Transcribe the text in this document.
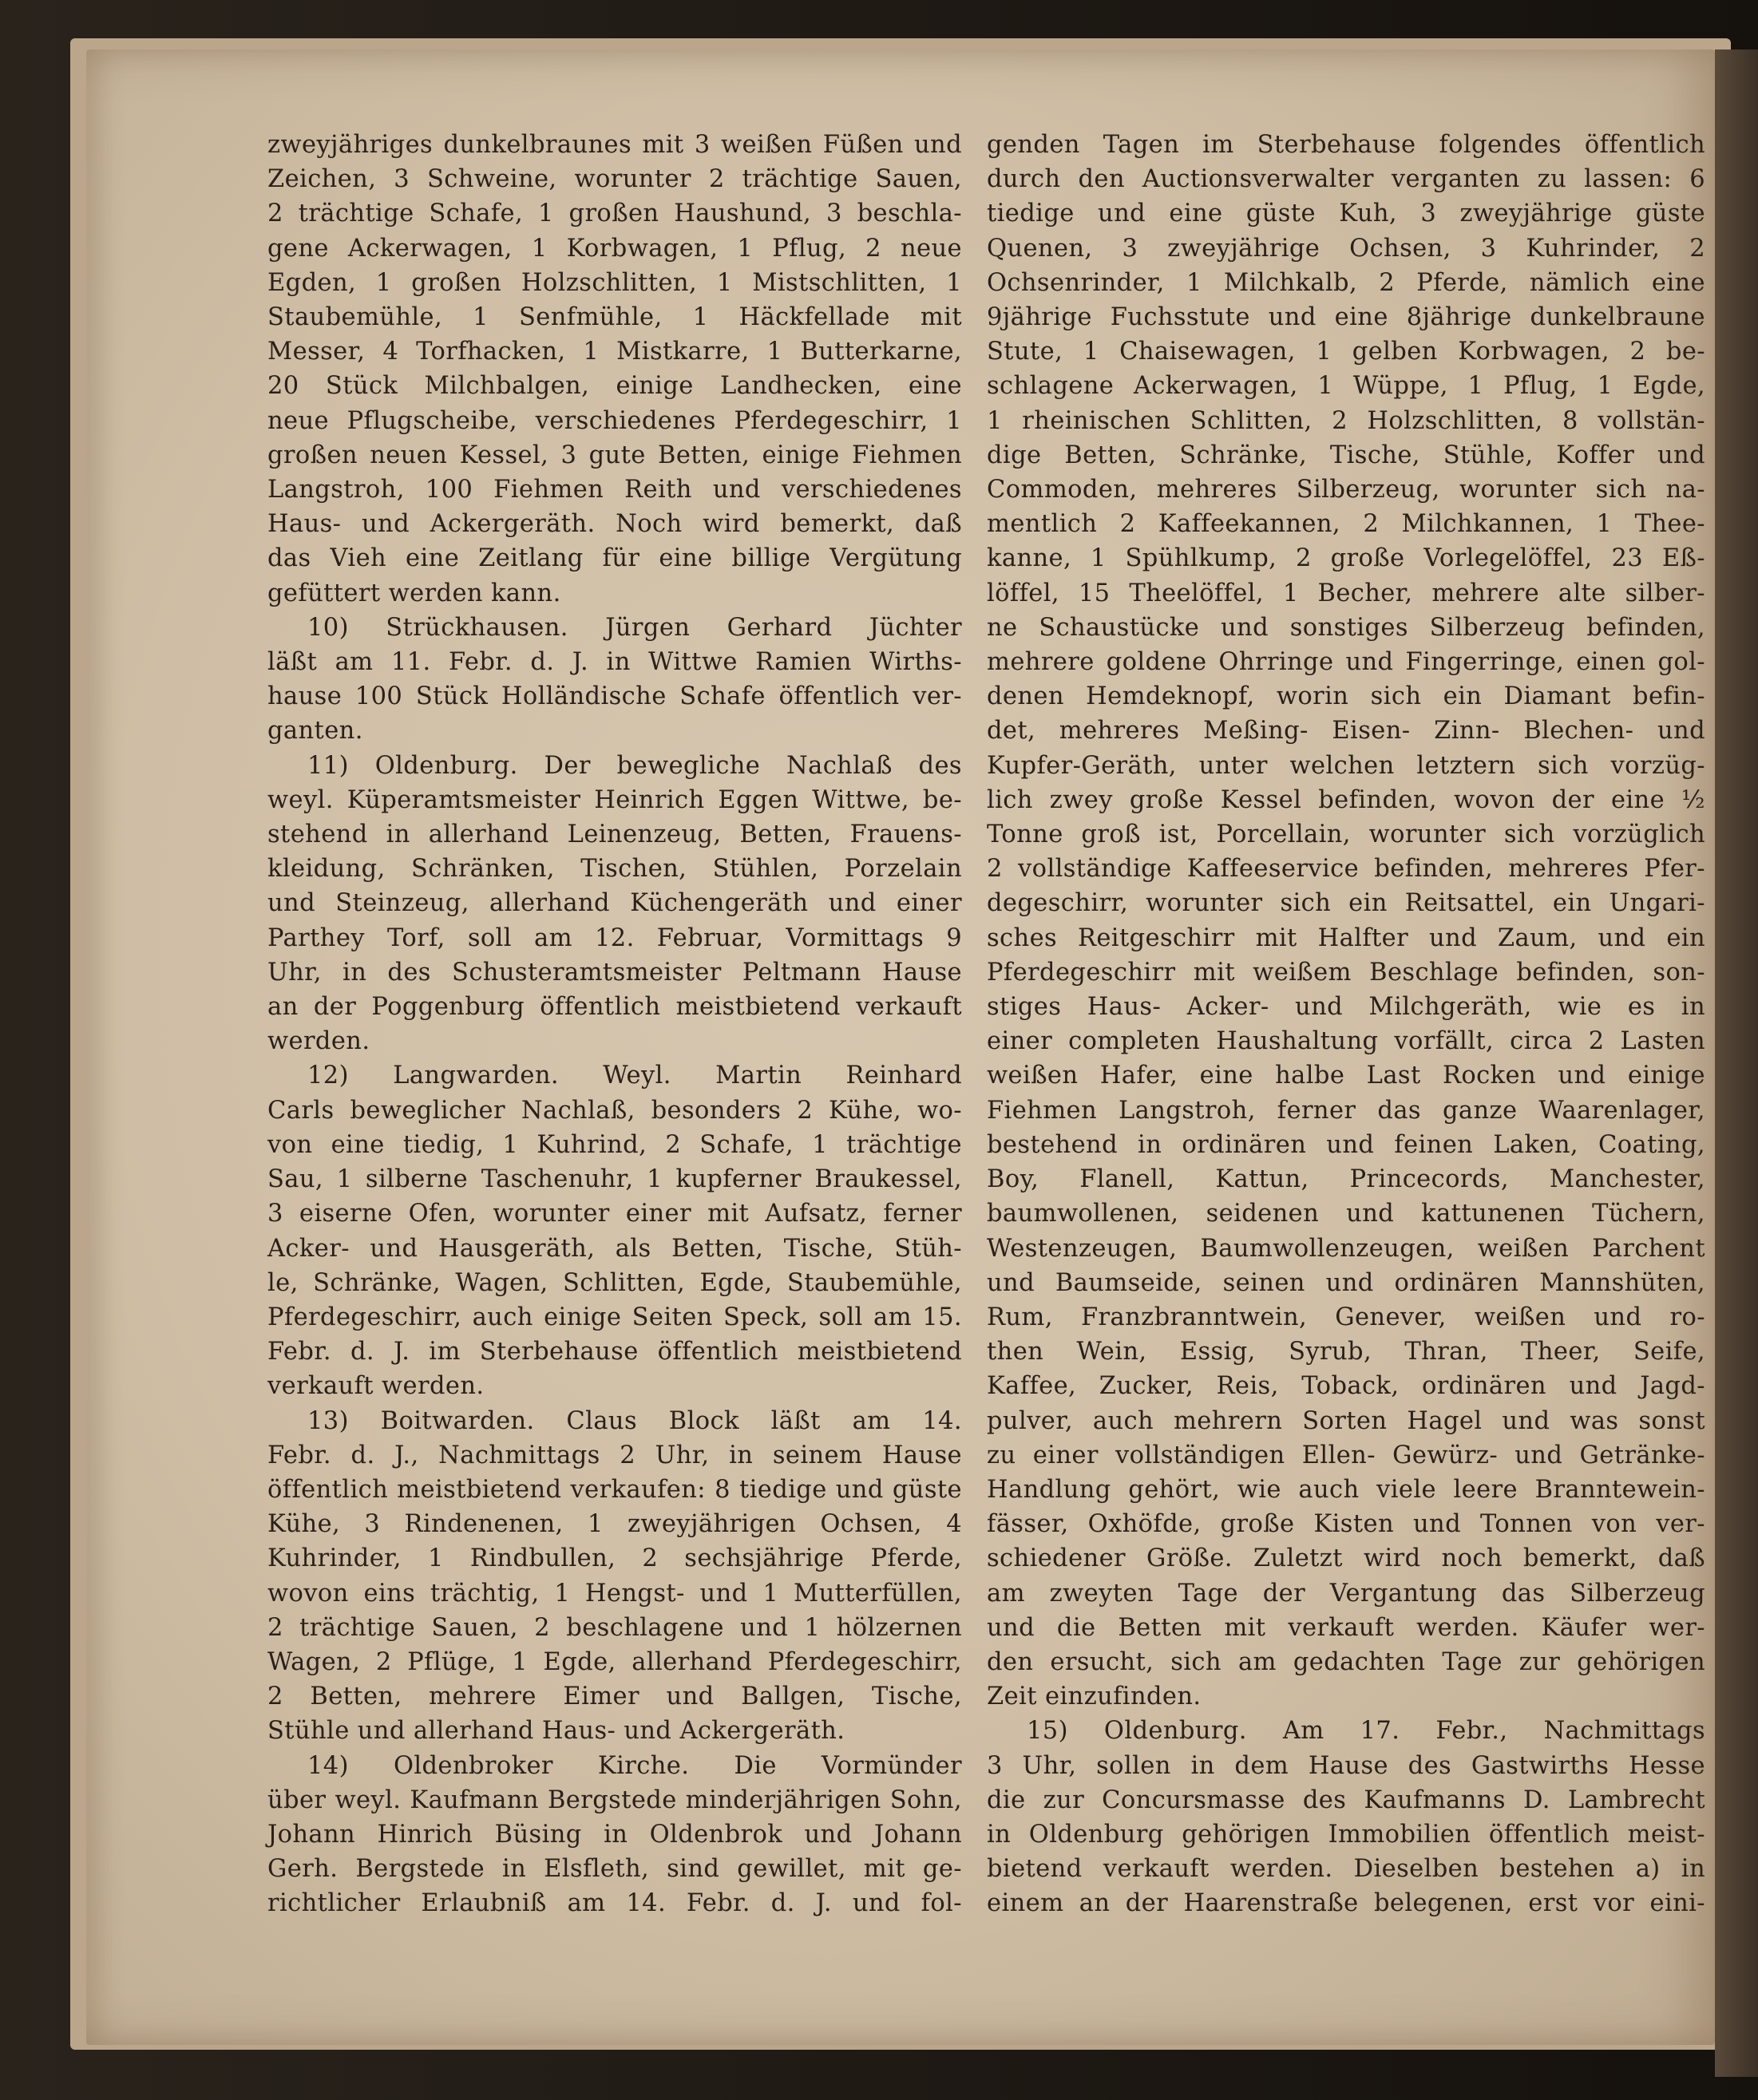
zweyjähriges dunkelbraunes mit 3 weißen Füßen und
Zeichen, 3 Schweine, worunter 2 trächtige Sauen,
2 trächtige Schafe, 1 großen Haushund, 3 beschla-
gene Ackerwagen, 1 Korbwagen, 1 Pflug, 2 neue
Egden, 1 großen Holzschlitten, 1 Mistschlitten, 1
Staubemühle, 1 Senfmühle, 1 Häckfellade mit
Messer, 4 Torfhacken, 1 Mistkarre, 1 Butterkarne,
20 Stück Milchbalgen, einige Landhecken, eine
neue Pflugscheibe, verschiedenes Pferdegeschirr, 1
großen neuen Kessel, 3 gute Betten, einige Fiehmen
Langstroh, 100 Fiehmen Reith und verschiedenes
Haus- und Ackergeräth. Noch wird bemerkt, daß
das Vieh eine Zeitlang für eine billige Vergütung
gefüttert werden kann.
10) Strückhausen. Jürgen Gerhard Jüchter
läßt am 11. Febr. d. J. in Wittwe Ramien Wirths-
hause 100 Stück Holländische Schafe öffentlich ver-
ganten.
11) Oldenburg. Der bewegliche Nachlaß des
weyl. Küperamtsmeister Heinrich Eggen Wittwe, be-
stehend in allerhand Leinenzeug, Betten, Frauens-
kleidung, Schränken, Tischen, Stühlen, Porzelain
und Steinzeug, allerhand Küchengeräth und einer
Parthey Torf, soll am 12. Februar, Vormittags 9
Uhr, in des Schusteramtsmeister Peltmann Hause
an der Poggenburg öffentlich meistbietend verkauft
werden.
12) Langwarden. Weyl. Martin Reinhard
Carls beweglicher Nachlaß, besonders 2 Kühe, wo-
von eine tiedig, 1 Kuhrind, 2 Schafe, 1 trächtige
Sau, 1 silberne Taschenuhr, 1 kupferner Braukessel,
3 eiserne Ofen, worunter einer mit Aufsatz, ferner
Acker- und Hausgeräth, als Betten, Tische, Stüh-
le, Schränke, Wagen, Schlitten, Egde, Staubemühle,
Pferdegeschirr, auch einige Seiten Speck, soll am 15.
Febr. d. J. im Sterbehause öffentlich meistbietend
verkauft werden.
13) Boitwarden. Claus Block läßt am 14.
Febr. d. J., Nachmittags 2 Uhr, in seinem Hause
öffentlich meistbietend verkaufen: 8 tiedige und güste
Kühe, 3 Rindenenen, 1 zweyjährigen Ochsen, 4
Kuhrinder, 1 Rindbullen, 2 sechsjährige Pferde,
wovon eins trächtig, 1 Hengst- und 1 Mutterfüllen,
2 trächtige Sauen, 2 beschlagene und 1 hölzernen
Wagen, 2 Pflüge, 1 Egde, allerhand Pferdegeschirr,
2 Betten, mehrere Eimer und Ballgen, Tische,
Stühle und allerhand Haus- und Ackergeräth.
14) Oldenbroker Kirche. Die Vormünder
über weyl. Kaufmann Bergstede minderjährigen Sohn,
Johann Hinrich Büsing in Oldenbrok und Johann
Gerh. Bergstede in Elsfleth, sind gewillet, mit ge-
richtlicher Erlaubniß am 14. Febr. d. J. und fol-
genden Tagen im Sterbehause folgendes öffentlich
durch den Auctionsverwalter verganten zu lassen: 6
tiedige und eine güste Kuh, 3 zweyjährige güste
Quenen, 3 zweyjährige Ochsen, 3 Kuhrinder, 2
Ochsenrinder, 1 Milchkalb, 2 Pferde, nämlich eine
9jährige Fuchsstute und eine 8jährige dunkelbraune
Stute, 1 Chaisewagen, 1 gelben Korbwagen, 2 be-
schlagene Ackerwagen, 1 Wüppe, 1 Pflug, 1 Egde,
1 rheinischen Schlitten, 2 Holzschlitten, 8 vollstän-
dige Betten, Schränke, Tische, Stühle, Koffer und
Commoden, mehreres Silberzeug, worunter sich na-
mentlich 2 Kaffeekannen, 2 Milchkannen, 1 Thee-
kanne, 1 Spühlkump, 2 große Vorlegelöffel, 23 Eß-
löffel, 15 Theelöffel, 1 Becher, mehrere alte silber-
ne Schaustücke und sonstiges Silberzeug befinden,
mehrere goldene Ohrringe und Fingerringe, einen gol-
denen Hemdeknopf, worin sich ein Diamant befin-
det, mehreres Meßing- Eisen- Zinn- Blechen- und
Kupfer-Geräth, unter welchen letztern sich vorzüg-
lich zwey große Kessel befinden, wovon der eine ½
Tonne groß ist, Porcellain, worunter sich vorzüglich
2 vollständige Kaffeeservice befinden, mehreres Pfer-
degeschirr, worunter sich ein Reitsattel, ein Ungari-
sches Reitgeschirr mit Halfter und Zaum, und ein
Pferdegeschirr mit weißem Beschlage befinden, son-
stiges Haus- Acker- und Milchgeräth, wie es in
einer completen Haushaltung vorfällt, circa 2 Lasten
weißen Hafer, eine halbe Last Rocken und einige
Fiehmen Langstroh, ferner das ganze Waarenlager,
bestehend in ordinären und feinen Laken, Coating,
Boy, Flanell, Kattun, Princecords, Manchester,
baumwollenen, seidenen und kattunenen Tüchern,
Westenzeugen, Baumwollenzeugen, weißen Parchent
und Baumseide, seinen und ordinären Mannshüten,
Rum, Franzbranntwein, Genever, weißen und ro-
then Wein, Essig, Syrub, Thran, Theer, Seife,
Kaffee, Zucker, Reis, Toback, ordinären und Jagd-
pulver, auch mehrern Sorten Hagel und was sonst
zu einer vollständigen Ellen- Gewürz- und Getränke-
Handlung gehört, wie auch viele leere Branntewein-
fässer, Oxhöfde, große Kisten und Tonnen von ver-
schiedener Größe. Zuletzt wird noch bemerkt, daß
am zweyten Tage der Vergantung das Silberzeug
und die Betten mit verkauft werden. Käufer wer-
den ersucht, sich am gedachten Tage zur gehörigen
Zeit einzufinden.
15) Oldenburg. Am 17. Febr., Nachmittags
3 Uhr, sollen in dem Hause des Gastwirths Hesse
die zur Concursmasse des Kaufmanns D. Lambrecht
in Oldenburg gehörigen Immobilien öffentlich meist-
bietend verkauft werden. Dieselben bestehen a) in
einem an der Haarenstraße belegenen, erst vor eini-
